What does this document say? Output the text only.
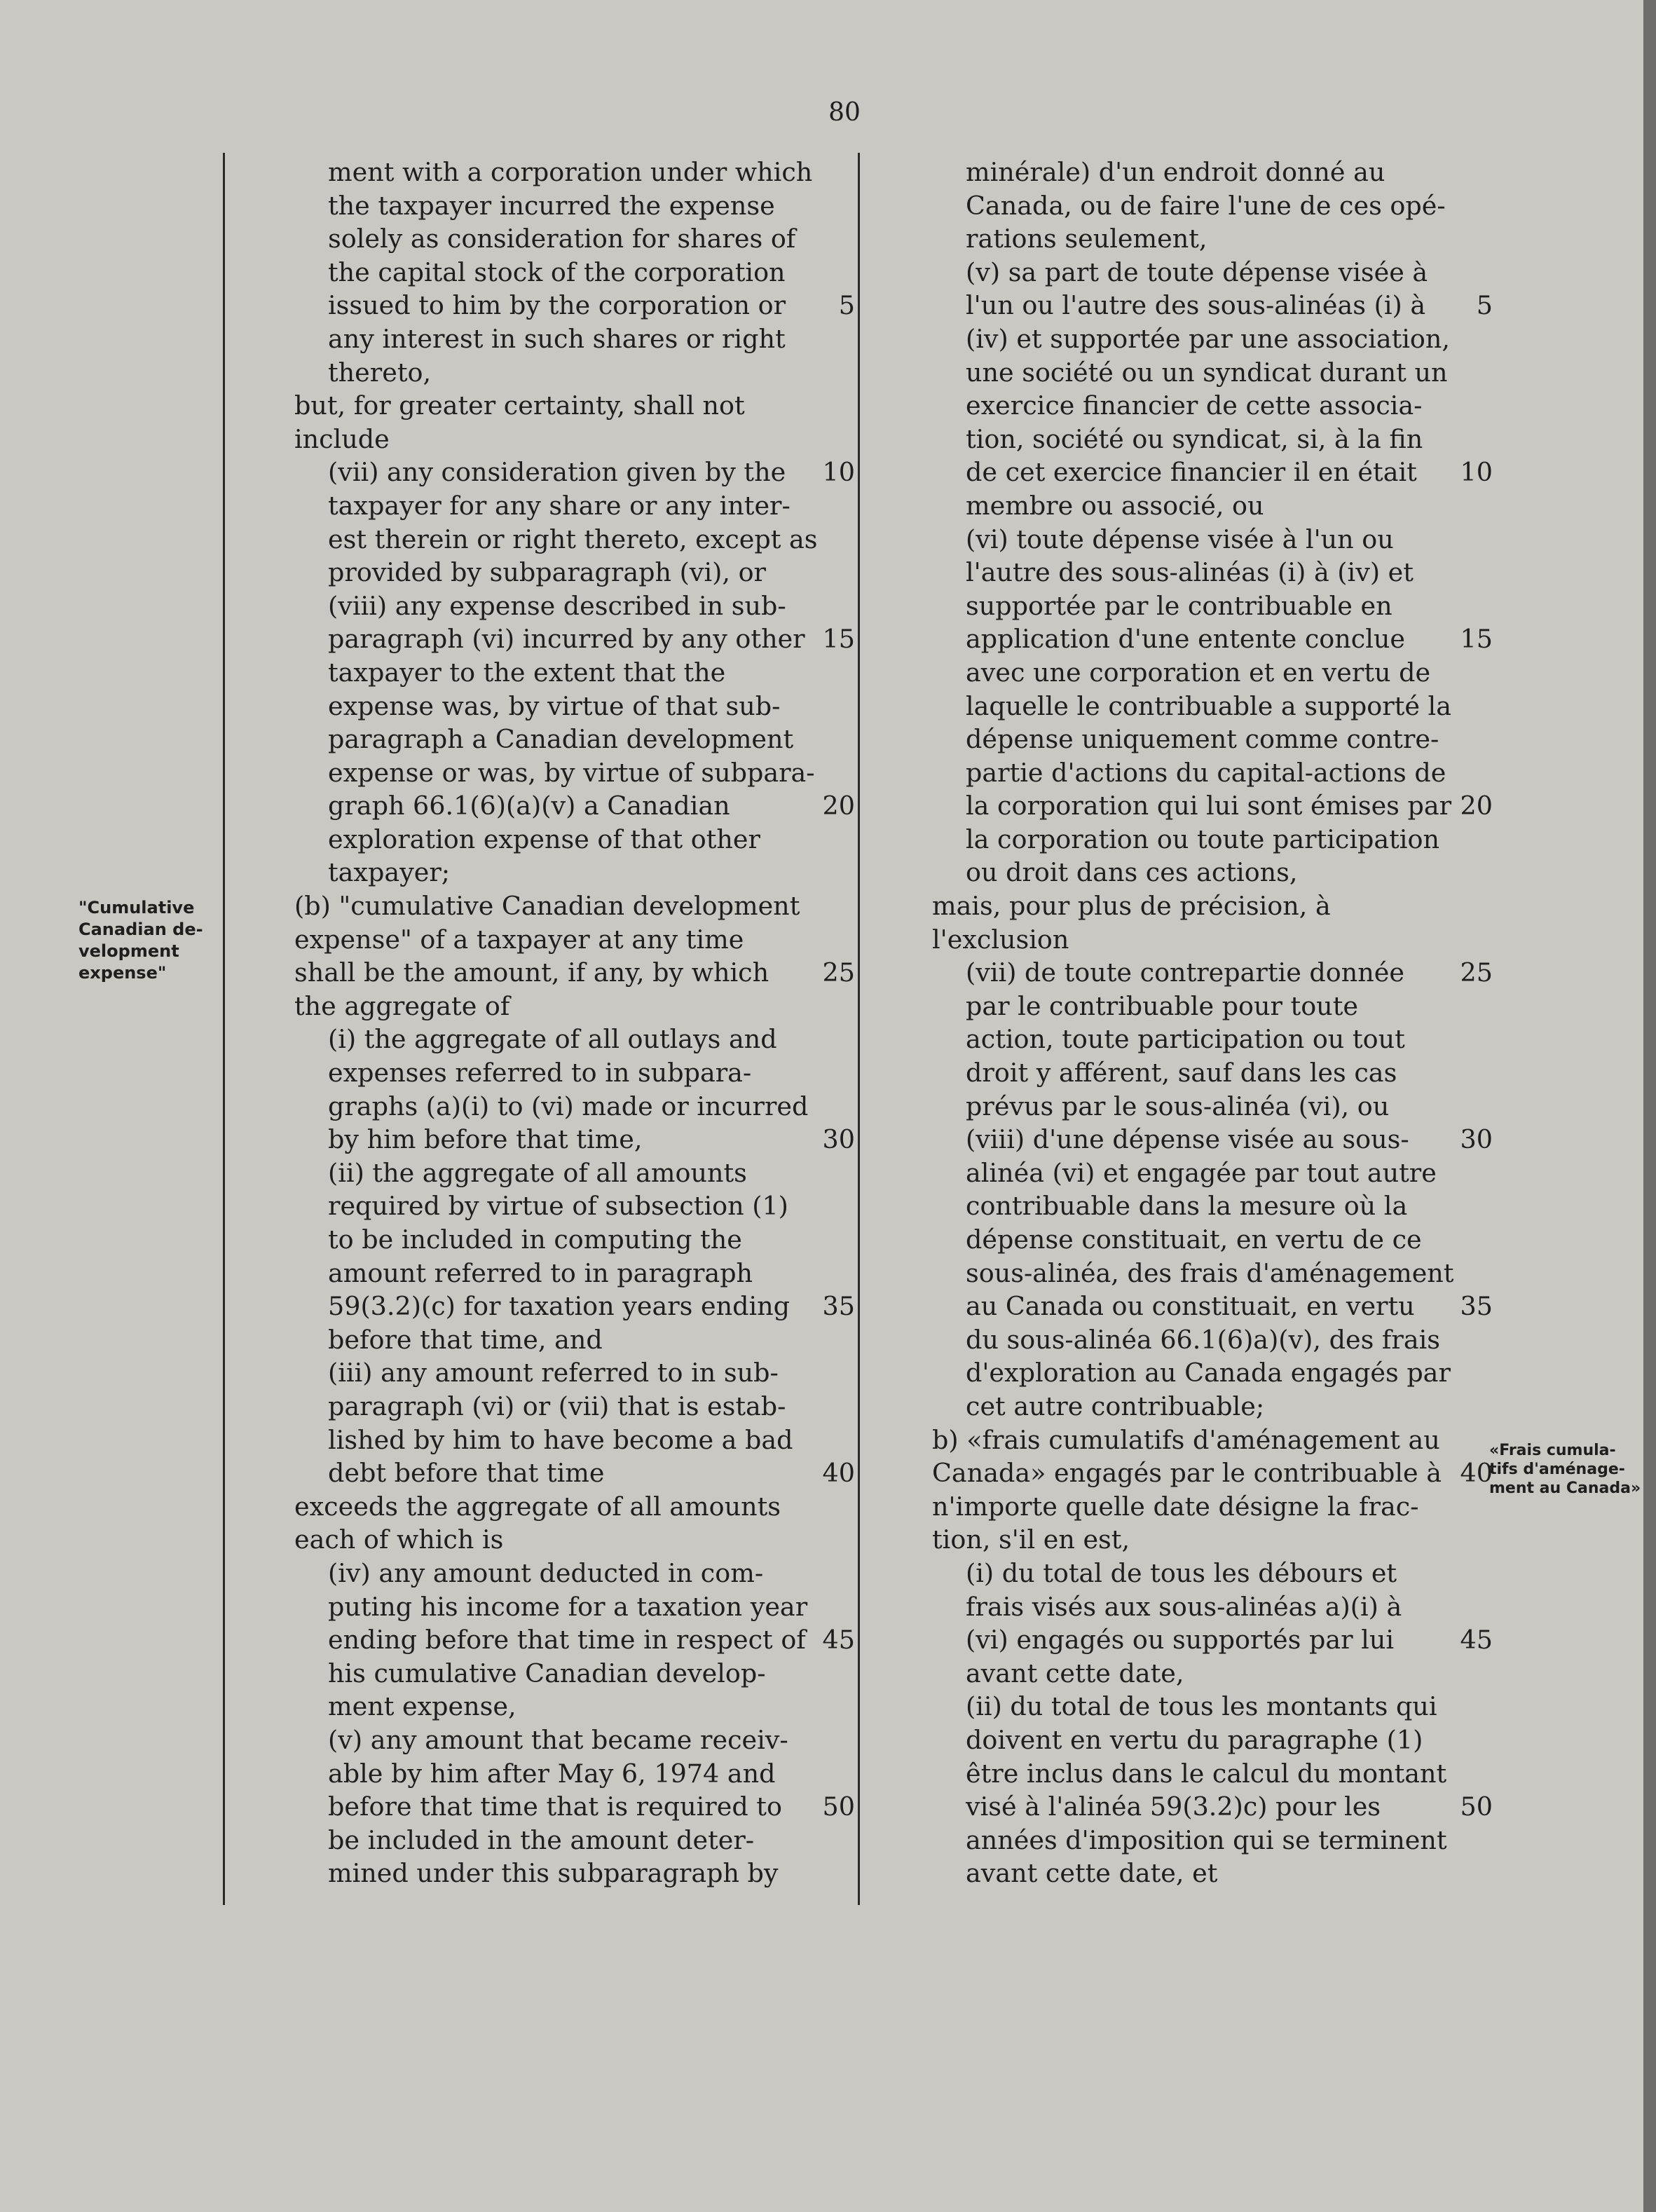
80
"Cumulative
Canadian de-
velopment
expense"
«Frais cumula-
tifs d'aménage-
ment au Canada»
ment with a corporation under which
the taxpayer incurred the expense
solely as consideration for shares of
the capital stock of the corporation
issued to him by the corporation or 5
any interest in such shares or right
thereto,
but, for greater certainty, shall not
include
(vii) any consideration given by the 10
taxpayer for any share or any inter-
est therein or right thereto, except as
provided by subparagraph (vi), or
(viii) any expense described in sub-
paragraph (vi) incurred by any other 15
taxpayer to the extent that the
expense was, by virtue of that sub-
paragraph a Canadian development
expense or was, by virtue of subpara-
graph 66.1(6)(a)(v) a Canadian	20
exploration expense of that other
taxpayer;
(b) "cumulative Canadian development
expense" of a taxpayer at any time
shall be the amount, if any, by which 25
the aggregate of
(i) the aggregate of all outlays and
expenses referred to in subpara-
graphs (a)(i) to (vi) made or incurred
by him before that time,	30
(ii) the aggregate of all amounts
required by virtue of subsection (1)
to be included in computing the
amount referred to in paragraph
59(3.2)(c) for taxation years ending 35
before that time, and
(iii) any amount referred to in sub-
paragraph (vi) or (vii) that is estab-
lished by him to have become a bad
debt before that time	40
exceeds the aggregate of all amounts
each of which is
(iv) any amount deducted in com-
puting his income for a taxation year
ending before that time in respect of 45
his cumulative Canadian develop-
ment expense,
(v) any amount that became receiv-
able by him after May 6, 1974 and
before that time that is required to 50
be included in the amount deter-
mined under this subparagraph by
minérale) d'un endroit donné au
Canada, ou de faire l'une de ces opé-
rations seulement,
(v) sa part de toute dépense visée à
l'un ou l'autre des sous-alinéas (i) à 5
(iv) et supportée par une association,
une société ou un syndicat durant un
exercice financier de cette associa-
tion, société ou syndicat, si, à la fin
de cet exercice financier il en était 10
membre ou associé, ou
(vi) toute dépense visée à l'un ou
l'autre des sous-alinéas (i) à (iv) et
supportée par le contribuable en
application d'une entente conclue 15
avec une corporation et en vertu de
laquelle le contribuable a supporté la
dépense uniquement comme contre-
partie d'actions du capital-actions de
la corporation qui lui sont émises par 20
la corporation ou toute participation
ou droit dans ces actions,
mais, pour plus de précision, à
l'exclusion
(vii) de toute contrepartie donnée 25
par le contribuable pour toute
action, toute participation ou tout
droit y afférent, sauf dans les cas
prévus par le sous-alinéa (vi), ou
(viii) d'une dépense visée au sous- 30
alinéa (vi) et engagée par tout autre
contribuable dans la mesure où la
dépense constituait, en vertu de ce
sous-alinéa, des frais d'aménagement
au Canada ou constituait, en vertu 35
du sous-alinéa 66.1(6)a)(v), des frais
d'exploration au Canada engagés par
cet autre contribuable;
b) «frais cumulatifs d'aménagement au
Canada» engagés par le contribuable à 40
n'importe quelle date désigne la frac-
tion, s'il en est,
(i) du total de tous les débours et
frais visés aux sous-alinéas a)(i) à
(vi) engagés ou supportés par lui	45
avant cette date,
(ii) du total de tous les montants qui
doivent en vertu du paragraphe (1)
être inclus dans le calcul du montant
visé à l'alinéa 59(3.2)c) pour les	50
années d'imposition qui se terminent
avant cette date, et
